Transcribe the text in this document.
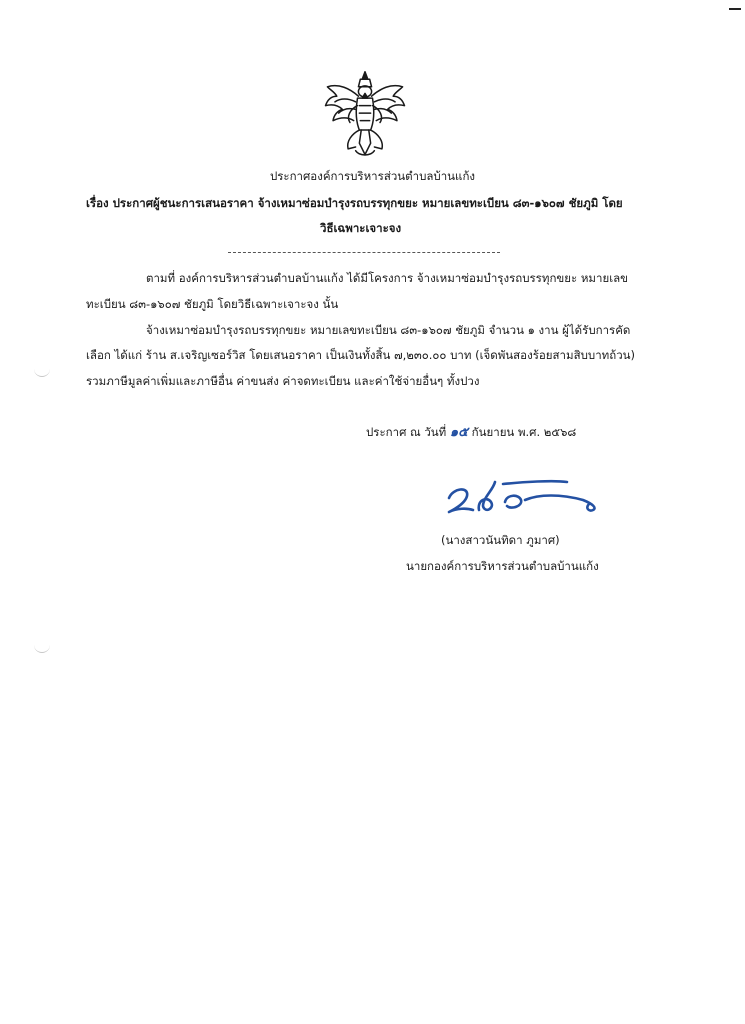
ประกาศองค์การบริหารส่วนตำบลบ้านแก้ง
เรื่อง ประกาศผู้ชนะการเสนอราคา จ้างเหมาซ่อมบำรุงรถบรรทุกขยะ หมายเลขทะเบียน ๘๓-๑๖๐๗ ชัยภูมิ โดย
วิธีเฉพาะเจาะจง
ตามที่ องค์การบริหารส่วนตำบลบ้านแก้ง ได้มีโครงการ จ้างเหมาซ่อมบำรุงรถบรรทุกขยะ หมายเลข
ทะเบียน ๘๓-๑๖๐๗ ชัยภูมิ โดยวิธีเฉพาะเจาะจง นั้น
จ้างเหมาซ่อมบำรุงรถบรรทุกขยะ หมายเลขทะเบียน ๘๓-๑๖๐๗ ชัยภูมิ จำนวน ๑ งาน ผู้ได้รับการคัด
เลือก ได้แก่ ร้าน ส.เจริญเซอร์วิส โดยเสนอราคา เป็นเงินทั้งสิ้น ๗,๒๓๐.๐๐ บาท (เจ็ดพันสองร้อยสามสิบบาทถ้วน)
รวมภาษีมูลค่าเพิ่มและภาษีอื่น ค่าขนส่ง ค่าจดทะเบียน และค่าใช้จ่ายอื่นๆ ทั้งปวง
ประกาศ ณ วันที่ ๑๕ กันยายน พ.ศ. ๒๕๖๘
(นางสาวนันทิดา ภูมาศ)
นายกองค์การบริหารส่วนตำบลบ้านแก้ง
